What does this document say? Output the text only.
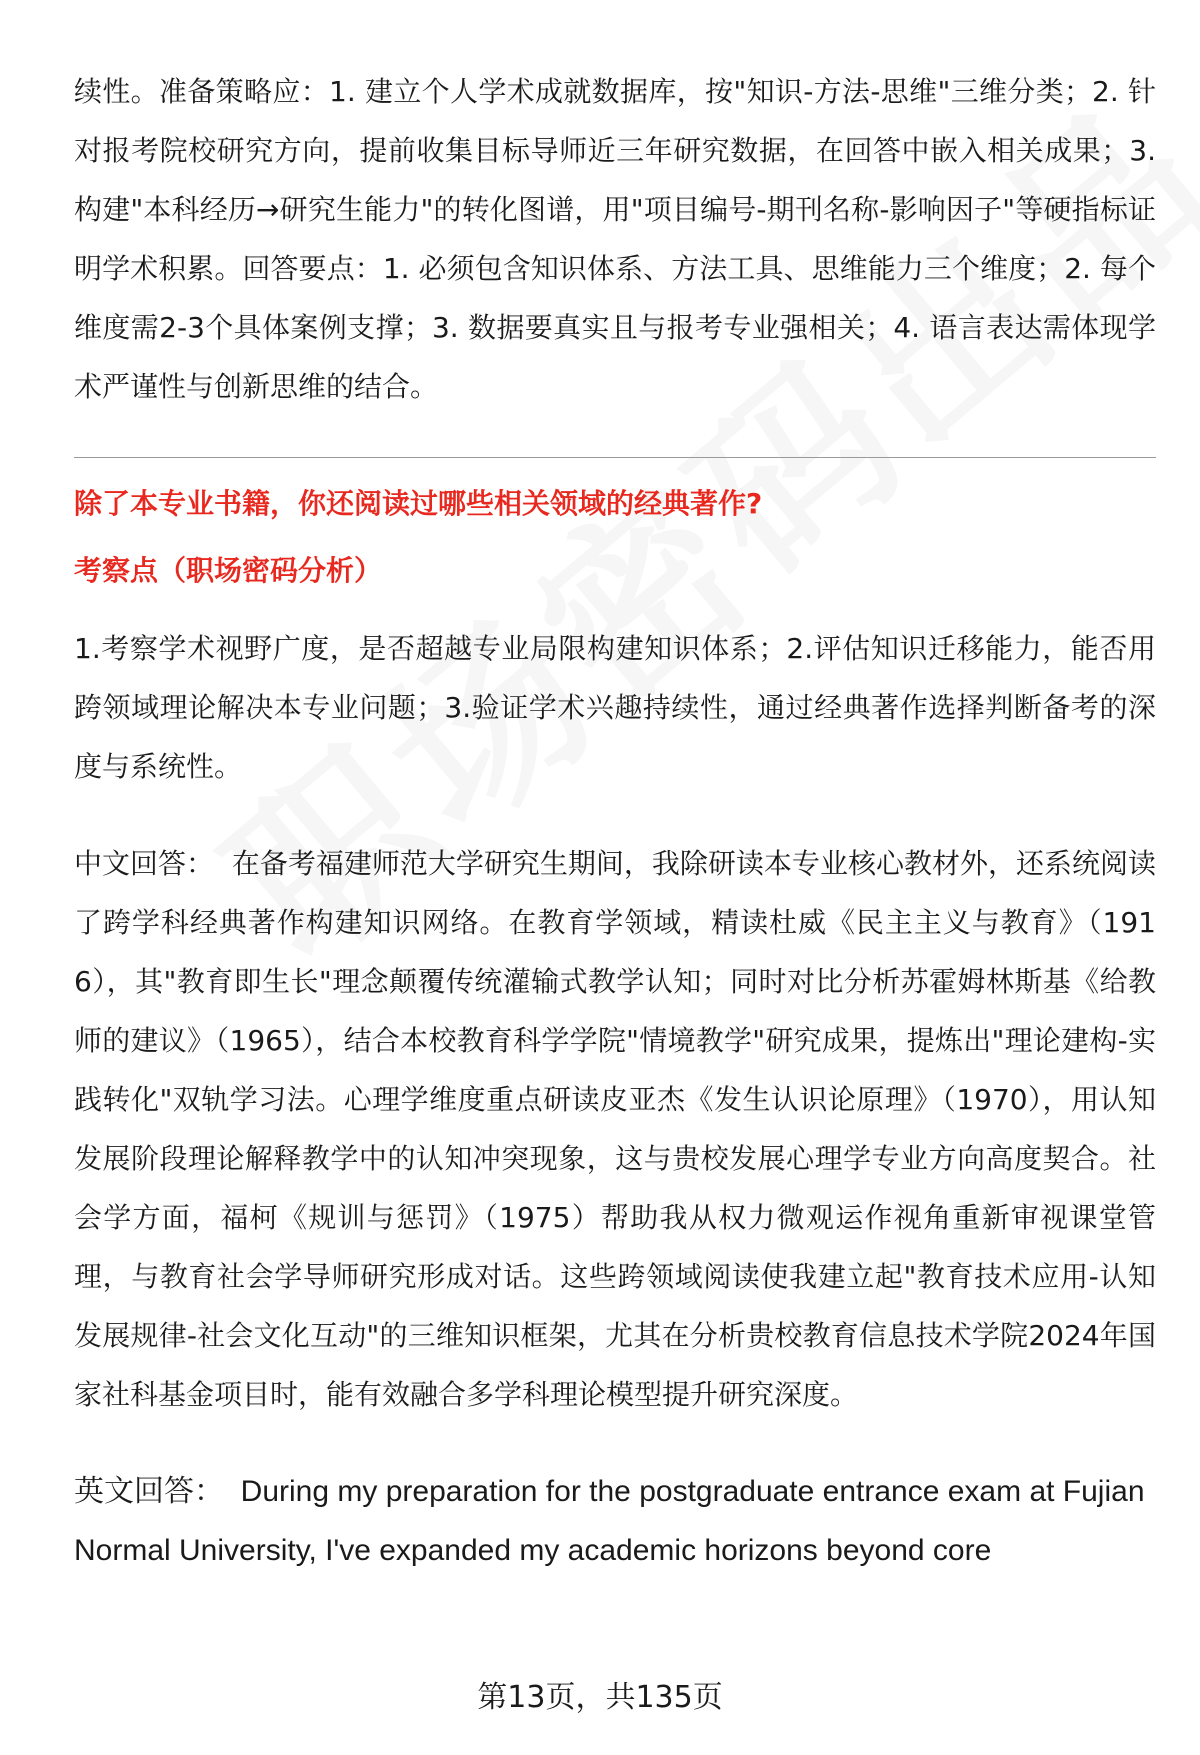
续性。准备策略应：1. 建立个人学术成就数据库，按"知识-方法-思维"三维分类；2. 针对报考院校研究方向，提前收集目标导师近三年研究数据，在回答中嵌入相关成果；3. 构建"本科经历→研究生能力"的转化图谱，用"项目编号-期刊名称-影响因子"等硬指标证明学术积累。回答要点：1. 必须包含知识体系、方法工具、思维能力三个维度；2. 每个维度需2-3个具体案例支撑；3. 数据要真实且与报考专业强相关；4. 语言表达需体现学术严谨性与创新思维的结合。

除了本专业书籍，你还阅读过哪些相关领域的经典著作?

考察点（职场密码分析）

1.考察学术视野广度，是否超越专业局限构建知识体系；2.评估知识迁移能力，能否用跨领域理论解决本专业问题；3.验证学术兴趣持续性，通过经典著作选择判断备考的深度与系统性。

中文回答：  在备考福建师范大学研究生期间，我除研读本专业核心教材外，还系统阅读了跨学科经典著作构建知识网络。在教育学领域，精读杜威《民主主义与教育》（1916），其"教育即生长"理念颠覆传统灌输式教学认知；同时对比分析苏霍姆林斯基《给教师的建议》（1965），结合本校教育科学学院"情境教学"研究成果，提炼出"理论建构-实践转化"双轨学习法。心理学维度重点研读皮亚杰《发生认识论原理》（1970），用认知发展阶段理论解释教学中的认知冲突现象，这与贵校发展心理学专业方向高度契合。社会学方面，福柯《规训与惩罚》（1975）帮助我从权力微观运作视角重新审视课堂管理，与教育社会学导师研究形成对话。这些跨领域阅读使我建立起"教育技术应用-认知发展规律-社会文化互动"的三维知识框架，尤其在分析贵校教育信息技术学院2024年国家社科基金项目时，能有效融合多学科理论模型提升研究深度。

英文回答：  During my preparation for the postgraduate entrance exam at Fujian Normal University, I've expanded my academic horizons beyond core

第13页，共135页
